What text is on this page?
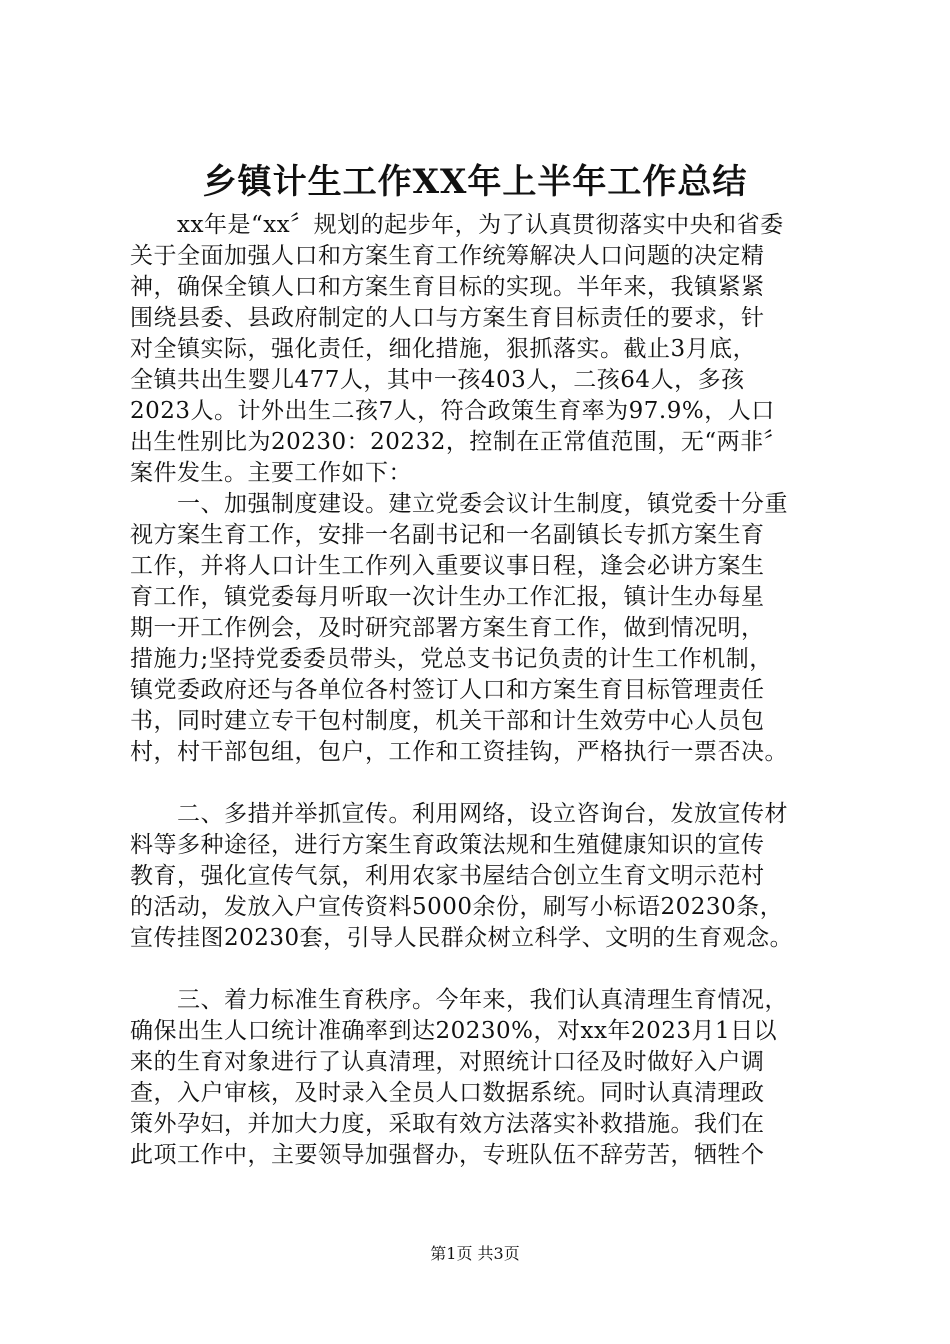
乡镇计生工作XX年上半年工作总结
　　xx年是“xx〞规划的起步年，为了认真贯彻落实中央和省委
关于全面加强人口和方案生育工作统筹解决人口问题的决定精
神，确保全镇人口和方案生育目标的实现。半年来，我镇紧紧
围绕县委、县政府制定的人口与方案生育目标责任的要求，针
对全镇实际，强化责任，细化措施，狠抓落实。截止3月底，
全镇共出生婴儿477人，其中一孩403人，二孩64人，多孩
2023人。计外出生二孩7人，符合政策生育率为97.9%，人口
出生性别比为20230：20232，控制在正常值范围，无“两非〞
案件发生。主要工作如下：
　　一、加强制度建设。建立党委会议计生制度，镇党委十分重
视方案生育工作，安排一名副书记和一名副镇长专抓方案生育
工作，并将人口计生工作列入重要议事日程，逢会必讲方案生
育工作，镇党委每月听取一次计生办工作汇报，镇计生办每星
期一开工作例会，及时研究部署方案生育工作，做到情况明，
措施力;坚持党委委员带头，党总支书记负责的计生工作机制，
镇党委政府还与各单位各村签订人口和方案生育目标管理责任
书，同时建立专干包村制度，机关干部和计生效劳中心人员包
村，村干部包组，包户，工作和工资挂钩，严格执行一票否决。
　　二、多措并举抓宣传。利用网络，设立咨询台，发放宣传材
料等多种途径，进行方案生育政策法规和生殖健康知识的宣传
教育，强化宣传气氛，利用农家书屋结合创立生育文明示范村
的活动，发放入户宣传资料5000余份，刷写小标语20230条，
宣传挂图20230套，引导人民群众树立科学、文明的生育观念。
　　三、着力标准生育秩序。今年来，我们认真清理生育情况，
确保出生人口统计准确率到达20230%，对xx年2023月1日以
来的生育对象进行了认真清理，对照统计口径及时做好入户调
查，入户审核，及时录入全员人口数据系统。同时认真清理政
策外孕妇，并加大力度，采取有效方法落实补救措施。我们在
此项工作中，主要领导加强督办，专班队伍不辞劳苦，牺牲个
第1页 共3页
